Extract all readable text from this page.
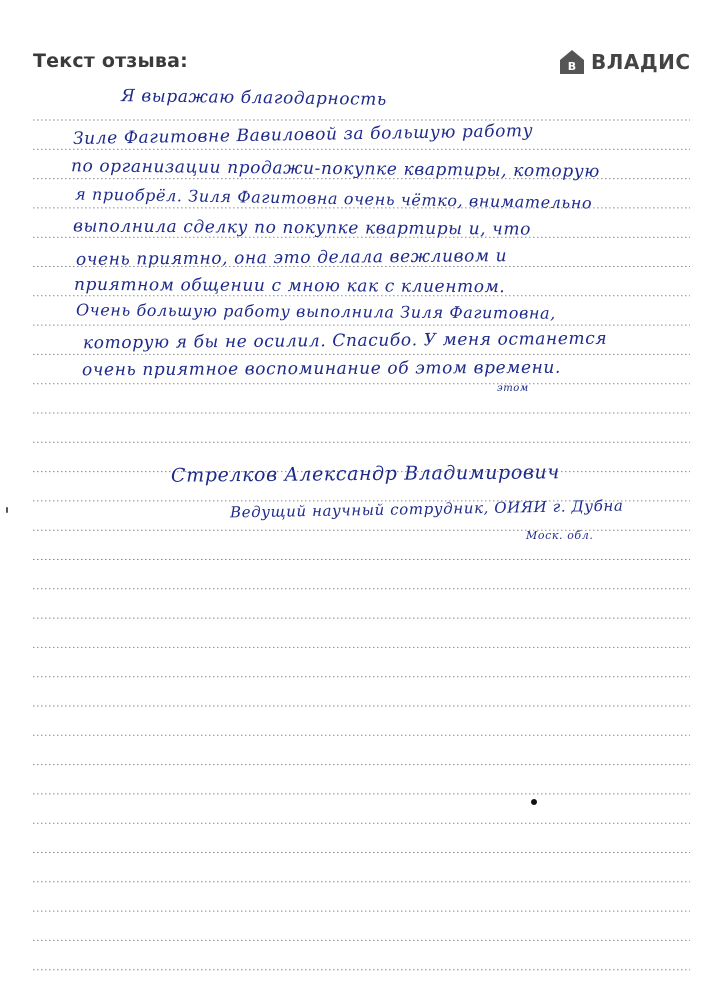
Текст отзыва:	В ВЛАДИС
Я выражаю благодарность
Зиле Фагитовне Вавиловой за большую работу
по организации продажи-покупке квартиры, которую
я приобрёл. Зиля Фагитовна очень чётко, внимательно
выполнила сделку по покупке квартиры и, что
очень приятно, она это делала вежливом и
приятном общении с мною как с клиентом.
Очень большую работу выполнила Зиля Фагитовна,
которую я бы не осилил. Спасибо. У меня останется
очень приятное воспоминание об этом времени.
этом
Стрелков Александр Владимирович
Ведущий научный сотрудник, ОИЯИ г. Дубна
Моск. обл.
